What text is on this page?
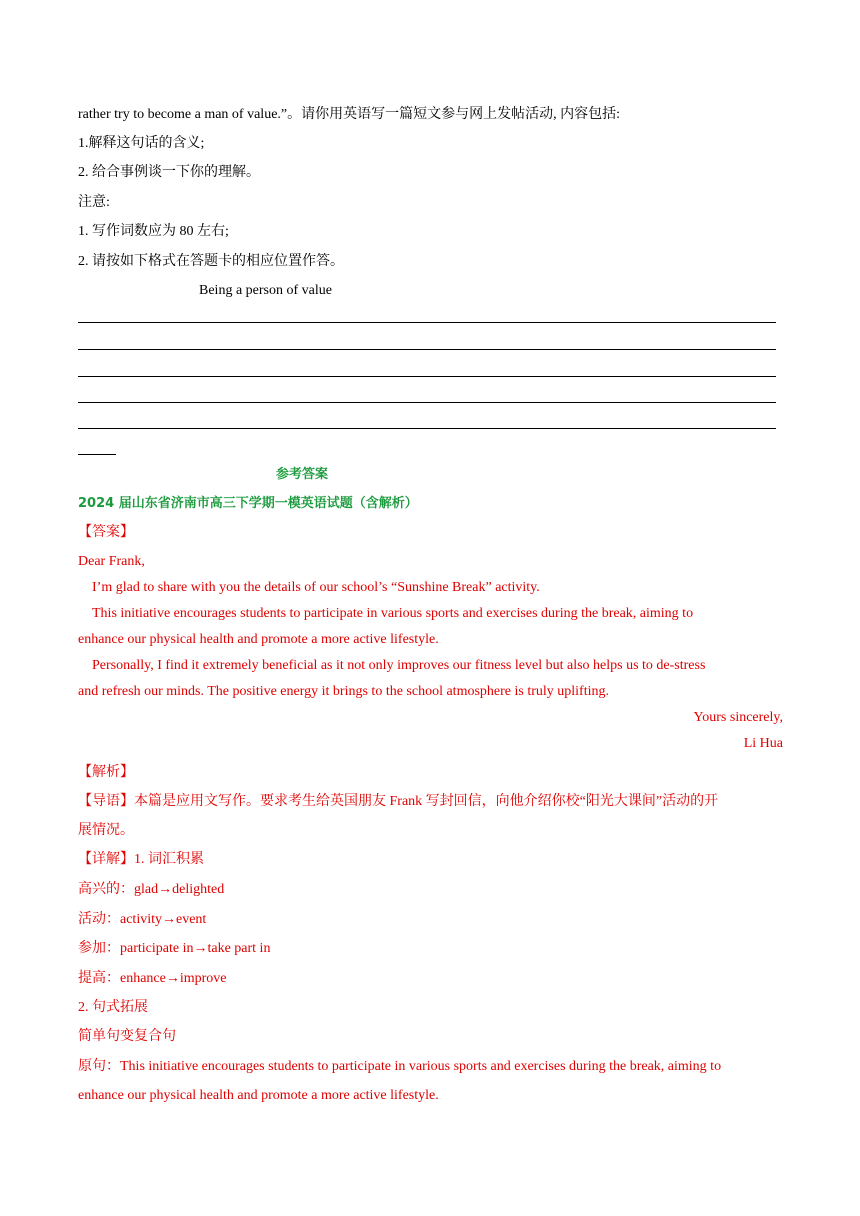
rather try to become a man of value.”。请你用英语写一篇短文参与网上发帖活动, 内容包括:
1.解释这句话的含义;
2. 给合事例谈一下你的理解。
注意:
1. 写作词数应为 80 左右;
2. 请按如下格式在答题卡的相应位置作答。
Being a person of value
参考答案
2024 届山东省济南市高三下学期一模英语试题（含解析）
【答案】
Dear Frank,
I’m glad to share with you the details of our school’s “Sunshine Break” activity.
This initiative encourages students to participate in various sports and exercises during the break, aiming to
enhance our physical health and promote a more active lifestyle.
Personally, I find it extremely beneficial as it not only improves our fitness level but also helps us to de-stress
and refresh our minds. The positive energy it brings to the school atmosphere is truly uplifting.
Yours sincerely,
Li Hua
【解析】
【导语】本篇是应用文写作。要求考生给英国朋友 Frank 写封回信，向他介绍你校“阳光大课间”活动的开
展情况。
【详解】1. 词汇积累
高兴的：glad→delighted
活动：activity→event
参加：participate in→take part in
提高：enhance→improve
2. 句式拓展
简单句变复合句
原句：This initiative encourages students to participate in various sports and exercises during the break, aiming to
enhance our physical health and promote a more active lifestyle.
